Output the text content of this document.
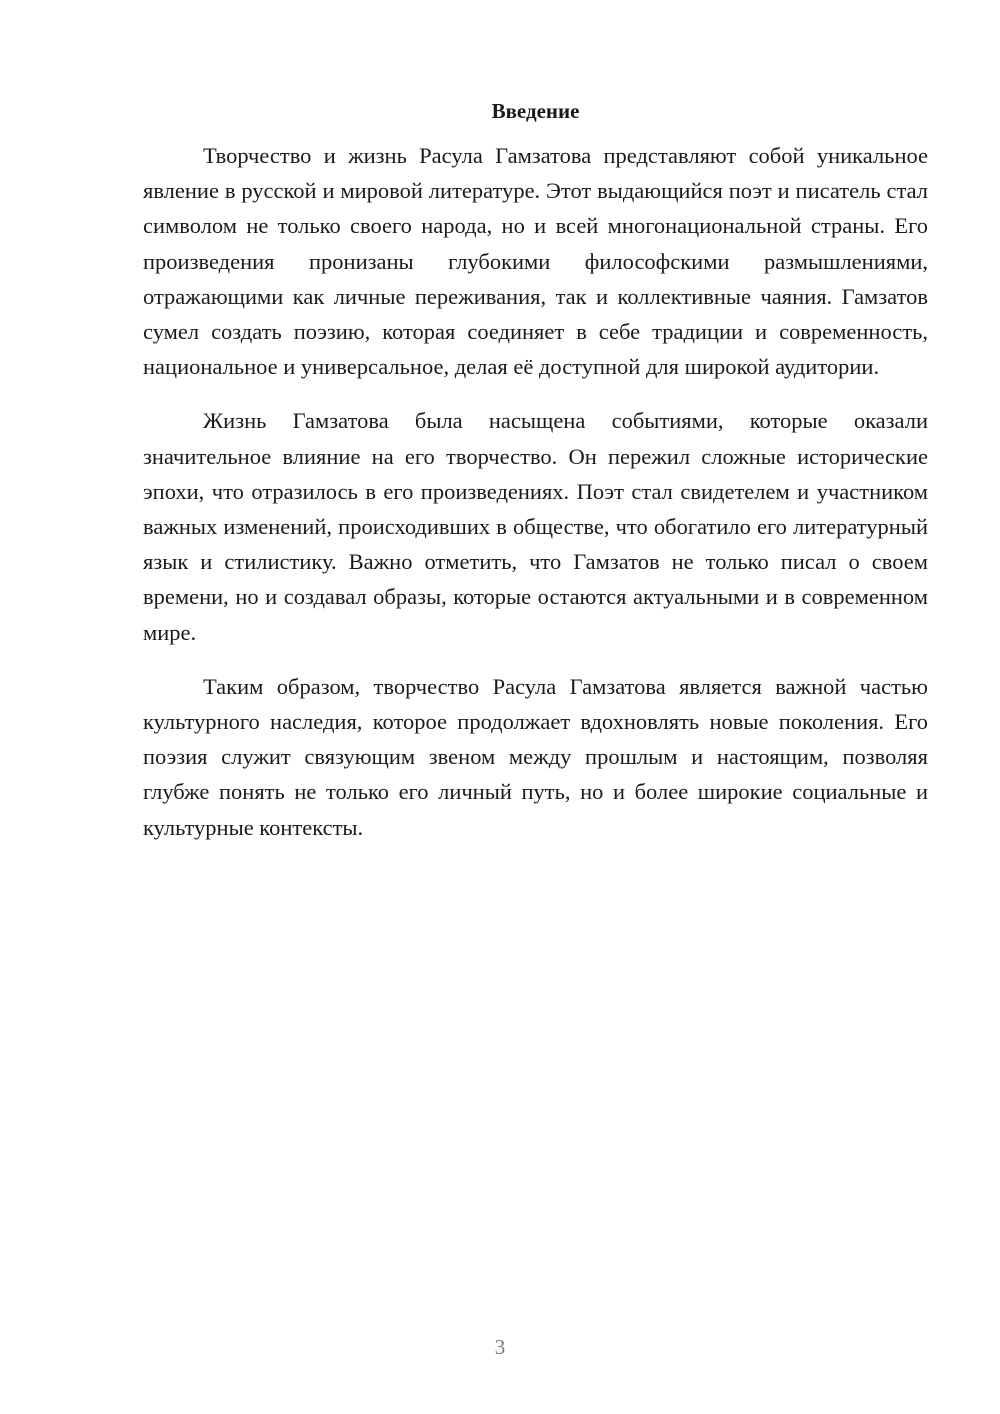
Введение

Творчество и жизнь Расула Гамзатова представляют собой уникальное явление в русской и мировой литературе. Этот выдающийся поэт и писатель стал символом не только своего народа, но и всей многонациональной страны. Его произведения пронизаны глубокими философскими размышлениями, отражающими как личные переживания, так и коллективные чаяния. Гамзатов сумел создать поэзию, которая соединяет в себе традиции и современность, национальное и универсальное, делая её доступной для широкой аудитории.

Жизнь Гамзатова была насыщена событиями, которые оказали значительное влияние на его творчество. Он пережил сложные исторические эпохи, что отразилось в его произведениях. Поэт стал свидетелем и участником важных изменений, происходивших в обществе, что обогатило его литературный язык и стилистику. Важно отметить, что Гамзатов не только писал о своем времени, но и создавал образы, которые остаются актуальными и в современном мире.

Таким образом, творчество Расула Гамзатова является важной частью культурного наследия, которое продолжает вдохновлять новые поколения. Его поэзия служит связующим звеном между прошлым и настоящим, позволяя глубже понять не только его личный путь, но и более широкие социальные и культурные контексты.

3
